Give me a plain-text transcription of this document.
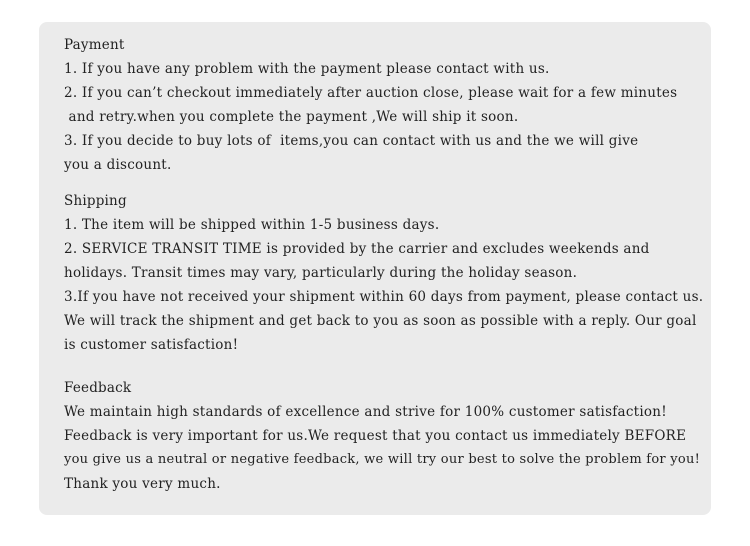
Payment
1. If you have any problem with the payment please contact with us.
2. If you can’t checkout immediately after auction close, please wait for a few minutes
and retry.when you complete the payment ,We will ship it soon.
3. If you decide to buy lots of  items,you can contact with us and the we will give
you a discount.
Shipping
1. The item will be shipped within 1-5 business days.
2. SERVICE TRANSIT TIME is provided by the carrier and excludes weekends and
holidays. Transit times may vary, particularly during the holiday season.
3.If you have not received your shipment within 60 days from payment, please contact us.
We will track the shipment and get back to you as soon as possible with a reply. Our goal
is customer satisfaction!
Feedback
We maintain high standards of excellence and strive for 100% customer satisfaction!
Feedback is very important for us.We request that you contact us immediately BEFORE
you give us a neutral or negative feedback, we will try our best to solve the problem for you!
Thank you very much.
